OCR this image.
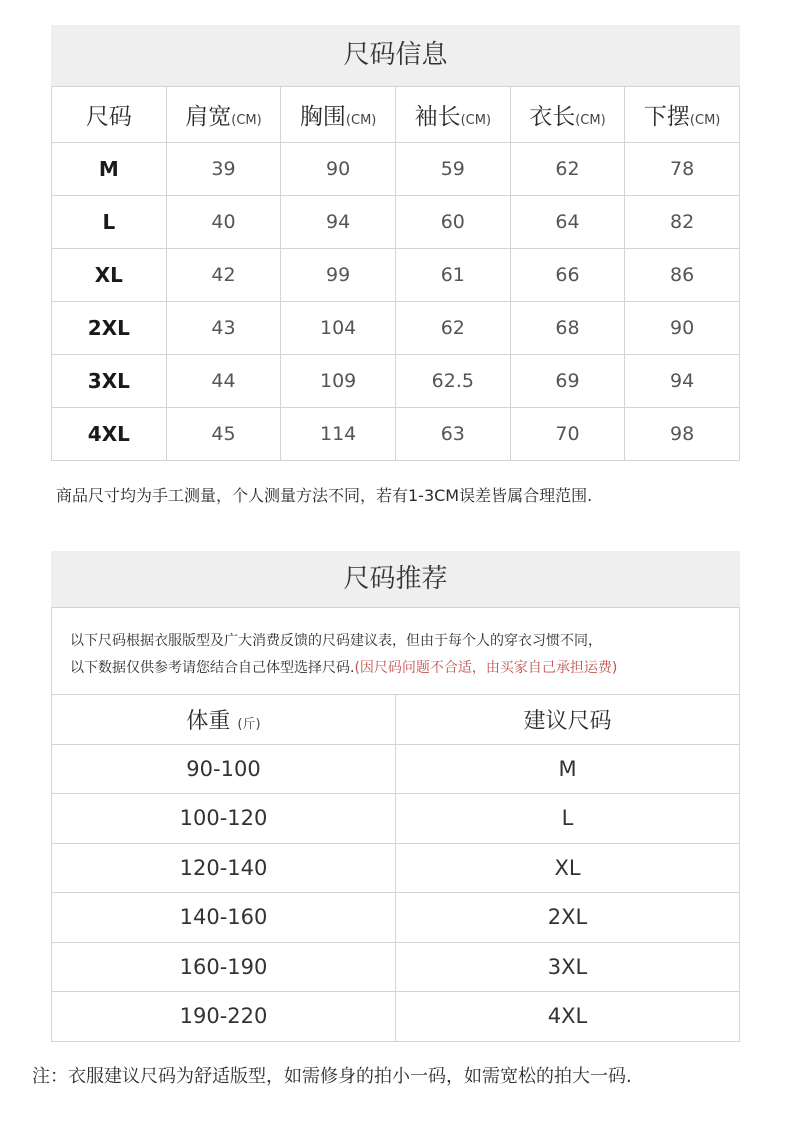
尺码信息
尺码	肩宽(CM)	胸围(CM)	袖长(CM)	衣长(CM)	下摆(CM)
M	39	90	59	62	78
L	40	94	60	64	82
XL	42	99	61	66	86
2XL	43	104	62	68	90
3XL	44	109	62.5	69	94
4XL	45	114	63	70	98
商品尺寸均为手工测量，个人测量方法不同，若有1-3CM误差皆属合理范围.
尺码推荐
以下尺码根据衣服版型及广大消费反馈的尺码建议表，但由于每个人的穿衣习惯不同，
以下数据仅供参考请您结合自己体型选择尺码.(因尺码问题不合适，由买家自己承担运费)
体重 (斤)	建议尺码
90-100	M
100-120	L
120-140	XL
140-160	2XL
160-190	3XL
190-220	4XL
注：衣服建议尺码为舒适版型，如需修身的拍小一码，如需宽松的拍大一码.
